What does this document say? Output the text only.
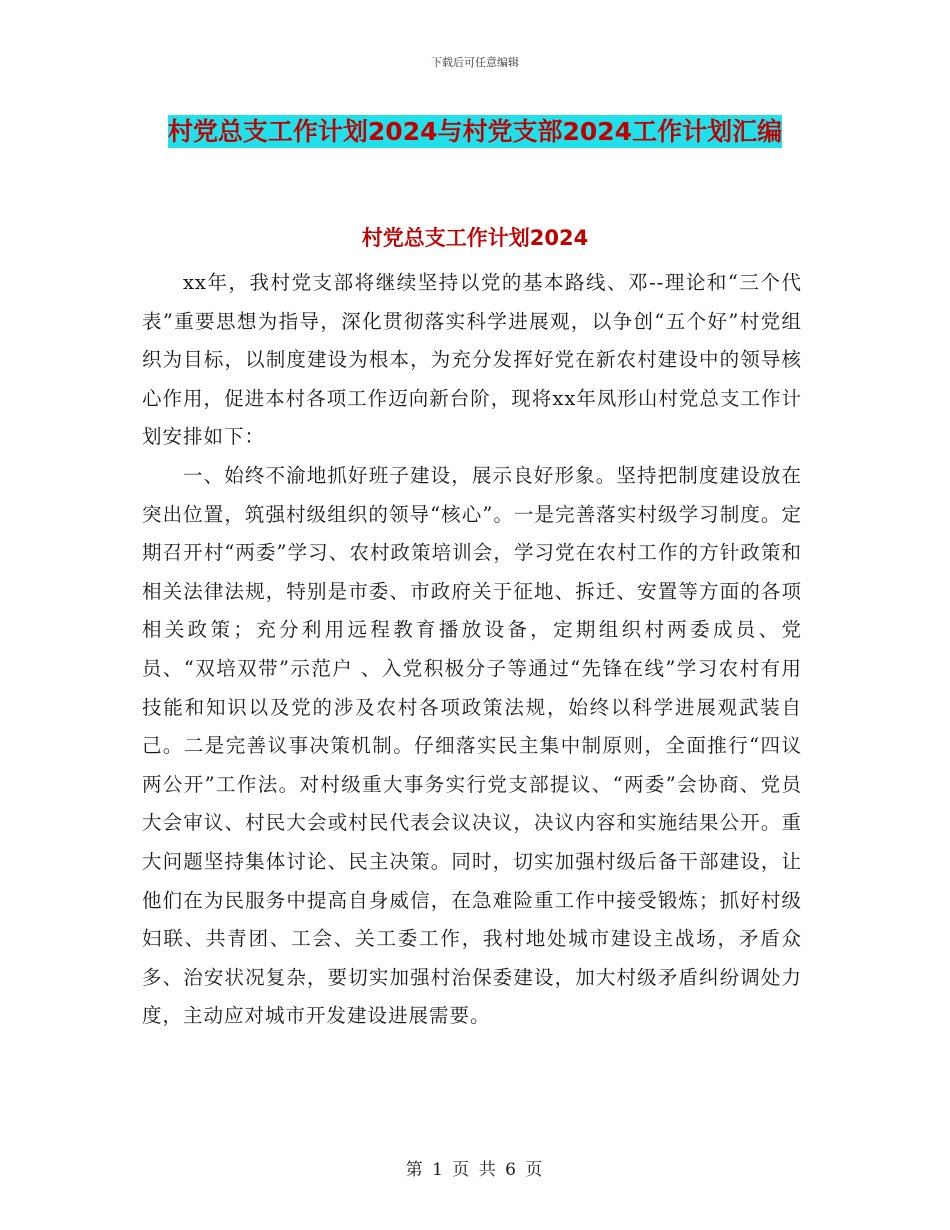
下载后可任意编辑
村党总支工作计划2024与村党支部2024工作计划汇编
村党总支工作计划2024

xx年，我村党支部将继续坚持以党的基本路线、邓--理论和“三个代表”重要思想为指导，深化贯彻落实科学进展观，以争创“五个好”村党组织为目标，以制度建设为根本，为充分发挥好党在新农村建设中的领导核心作用，促进本村各项工作迈向新台阶，现将xx年凤形山村党总支工作计划安排如下：

一、始终不渝地抓好班子建设，展示良好形象。坚持把制度建设放在突出位置，筑强村级组织的领导“核心”。一是完善落实村级学习制度。定期召开村“两委”学习、农村政策培训会，学习党在农村工作的方针政策和相关法律法规，特别是市委、市政府关于征地、拆迁、安置等方面的各项相关政策；充分利用远程教育播放设备，定期组织村两委成员、党员、“双培双带”示范户 、入党积极分子等通过“先锋在线”学习农村有用技能和知识以及党的涉及农村各项政策法规，始终以科学进展观武装自己。二是完善议事决策机制。仔细落实民主集中制原则，全面推行“四议两公开”工作法。对村级重大事务实行党支部提议、“两委”会协商、党员大会审议、村民大会或村民代表会议决议，决议内容和实施结果公开。重大问题坚持集体讨论、民主决策。同时，切实加强村级后备干部建设，让他们在为民服务中提高自身威信，在急难险重工作中接受锻炼；抓好村级妇联、共青团、工会、关工委工作，我村地处城市建设主战场，矛盾众多、治安状况复杂，要切实加强村治保委建设，加大村级矛盾纠纷调处力度，主动应对城市开发建设进展需要。

第 1 页 共 6 页
